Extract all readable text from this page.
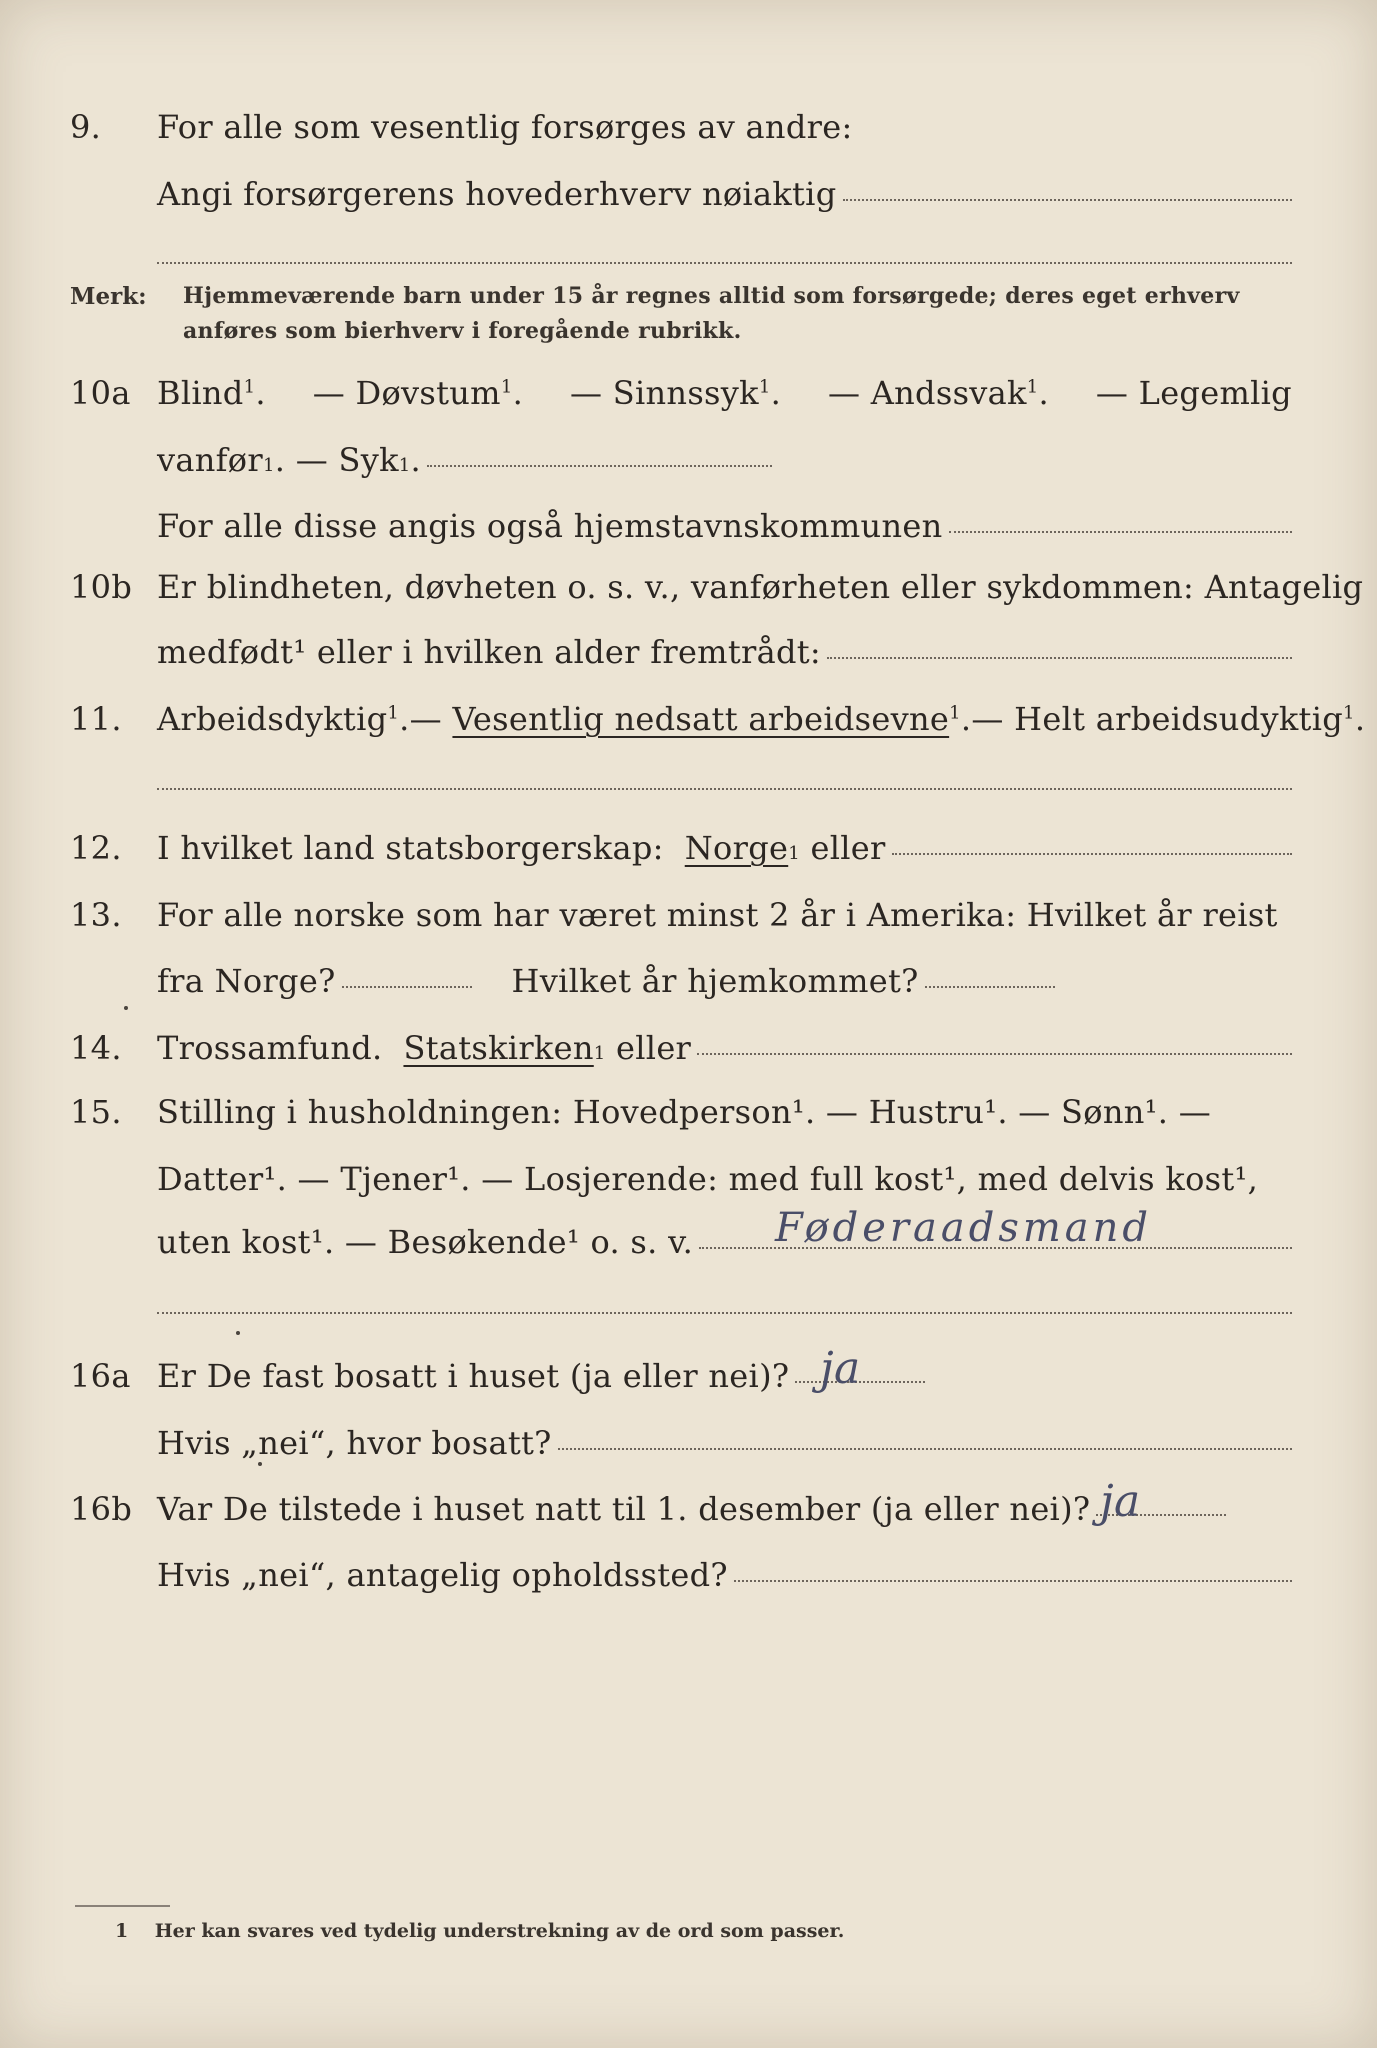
9. For alle som vesentlig forsørges av andre:
Angi forsørgerens hovederhverv nøiaktig
Merk: Hjemmeværende barn under 15 år regnes alltid som forsørgede; deres eget erhverv
anføres som bierhverv i foregående rubrikk.
10a Blind$^1$. — Døvstum$^1$. — Sinnssyk$^1$. — Andssvak$^1$. — Legemlig
vanfør 1 . — Syk 1 .
For alle disse angis også hjemstavnskommunen
10b Er blindheten, døvheten o. s. v., vanførheten eller sykdommen: Antagelig
medfødt¹ eller i hvilken alder fremtrådt:
11. Arbeidsdyktig$^1$. — Vesentlig nedsatt arbeidsevne$^1$. — Helt arbeidsudyktig$^1$.
12. I hvilket land statsborgerskap:
Norge 1
eller
13. For alle norske som har været minst 2 år i Amerika: Hvilket år reist
fra Norge?	Hvilket år hjemkommet?
14. Trossamfund.
Statskirken 1
eller
15. Stilling i husholdningen: Hovedperson¹. — Hustru¹. — Sønn¹. —
Datter¹. — Tjener¹. — Losjerende: med full kost¹, med delvis kost¹,
uten kost¹. — Besøkende¹ o. s. v. Føderaadsmand
16a Er De fast bosatt i huset (ja eller nei)? ja
Hvis „nei“, hvor bosatt?
16b Var De tilstede i huset natt til 1. desember (ja eller nei)? ja
Hvis „nei“, antagelig opholdssted?
1 Her kan svares ved tydelig understrekning av de ord som passer.
